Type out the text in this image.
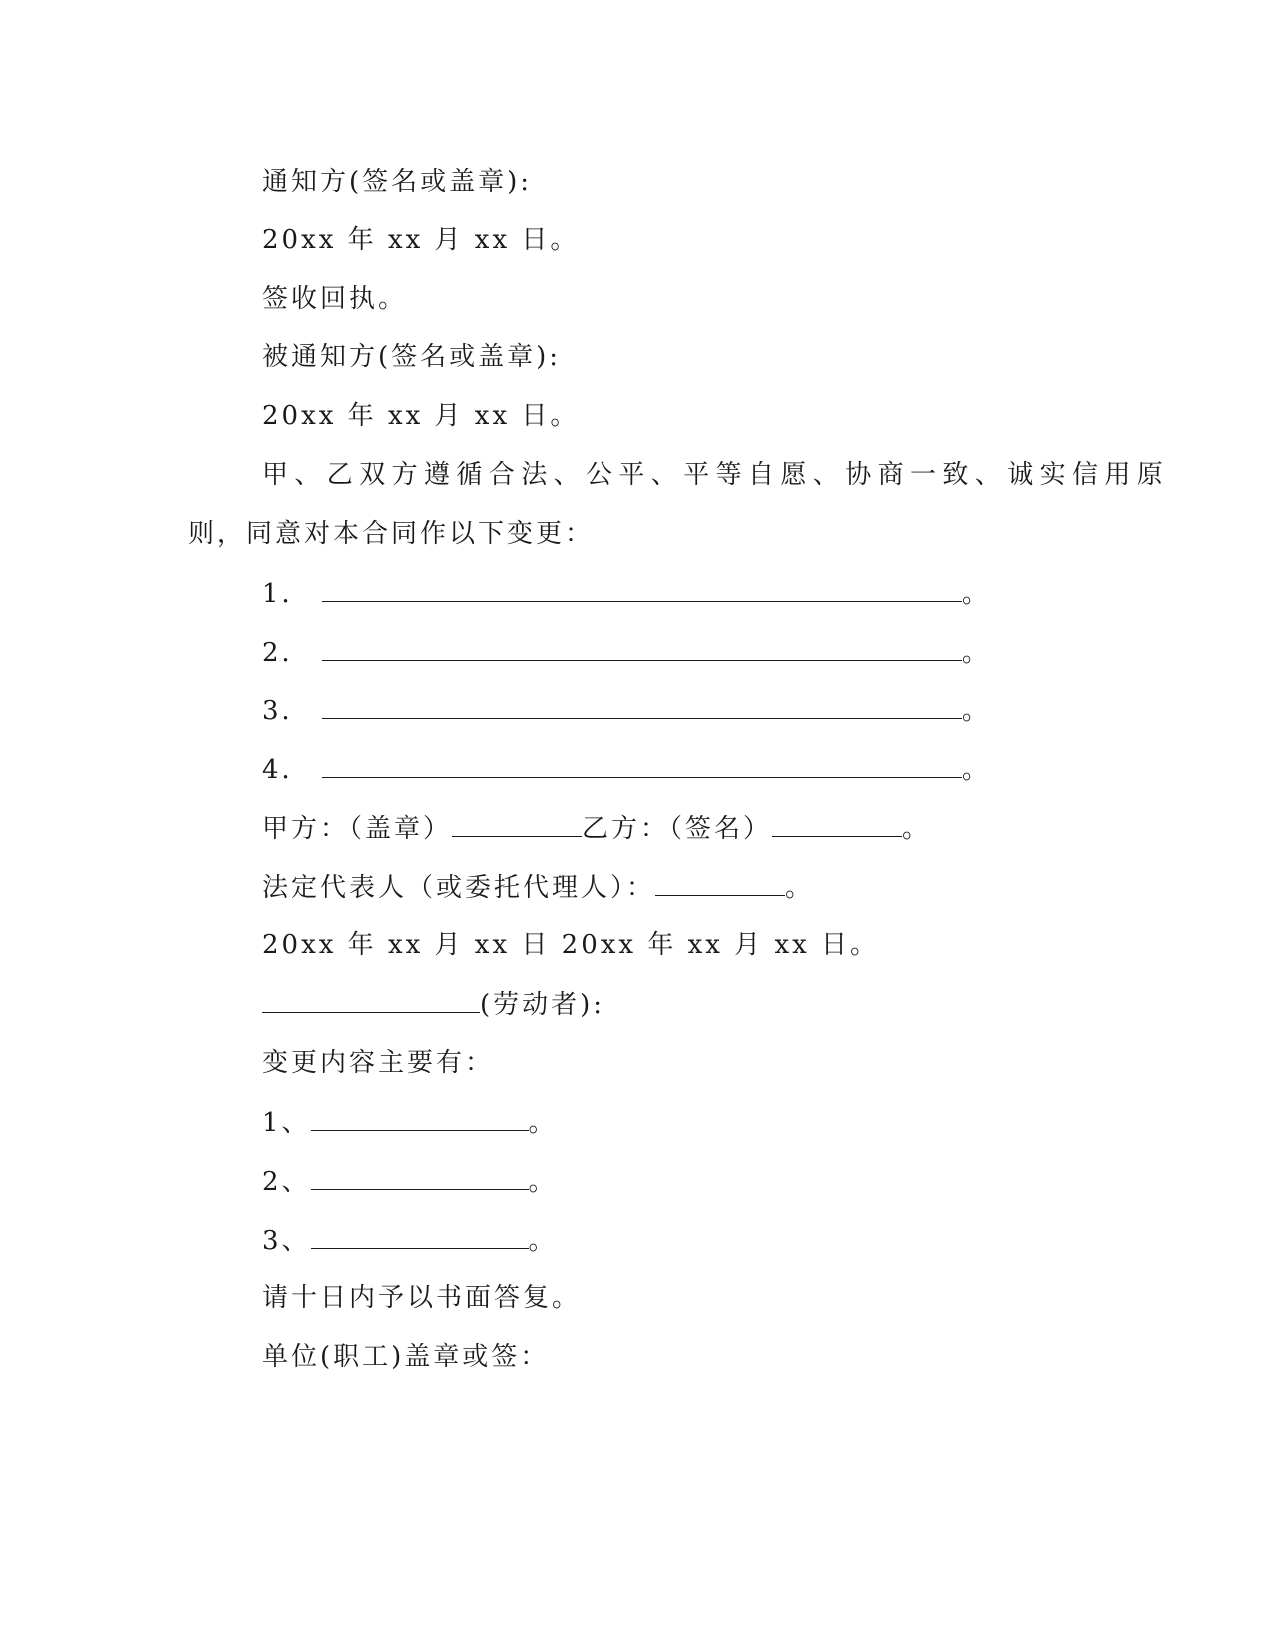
通知方(签名或盖章):
20xx 年 xx 月 xx 日。
签收回执。
被通知方(签名或盖章):
20xx 年 xx 月 xx 日。
甲、乙双方遵循合法、公平、平等自愿、协商一致、诚实信用原
则，同意对本合同作以下变更：
1．	。
2．	。
3．	。
4．	。
甲方：（盖章）	乙方：（签名）	。
法定代表人（或委托代理人）：	。
20xx 年 xx 月 xx 日 20xx 年 xx 月 xx 日。
(劳动者):
变更内容主要有：
1、	。
2、	。
3、	。
请十日内予以书面答复。
单位(职工)盖章或签：
